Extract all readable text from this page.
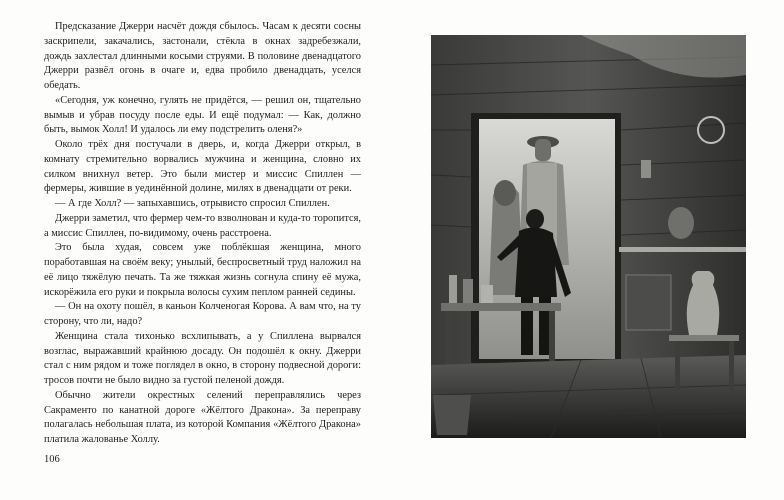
Предсказание Джерри насчёт дождя сбылось. Часам к десяти сосны заскрипели, закачались, застонали, стёкла в окнах задребезжали, дождь захлестал длинными косыми струями. В половине двенадцатого Джерри развёл огонь в очаге и, едва пробило двенадцать, уселся обедать.

«Сегодня, уж конечно, гулять не придётся, — решил он, тщательно вымыв и убрав посуду после еды. И ещё подумал: — Как, должно быть, вымок Холл! И удалось ли ему подстрелить оленя?»

Около трёх дня постучали в дверь, и, когда Джерри открыл, в комнату стремительно ворвались мужчина и женщина, словно их силком внихнул ветер. Это были мистер и миссис Спиллен — фермеры, жившие в уединённой долине, милях в двенадцати от реки.

— А где Холл? — запыхавшись, отрывисто спросил Спиллен.

Джерри заметил, что фермер чем-то взволнован и куда-то торопится, а миссис Спиллен, по-видимому, очень расстроена.

Это была худая, совсем уже поблёкшая женщина, много поработавшая на своём веку; унылый, беспросветный труд наложил на её лицо тяжёлую печать. Та же тяжкая жизнь согнула спину её мужа, искорёжила его руки и покрыла волосы сухим пеплом ранней седины.

— Он на охоту пошёл, в каньон Колченогая Корова. А вам что, на ту сторону, что ли, надо?

Женщина стала тихонько всхлипывать, а у Спиллена вырвался возглас, выражавший крайнюю досаду. Он подошёл к окну. Джерри стал с ним рядом и тоже поглядел в окно, в сторону подвесной дороги: тросов почти не было видно за густой пеленой дождя.

Обычно жители окрестных селений переправлялись через Сакраменто по канатной дороге «Жёлтого Дракона». За переправу полагалась небольшая плата, из которой Компания «Жёлтого Дракона» платила жалованье Холлу.

106
